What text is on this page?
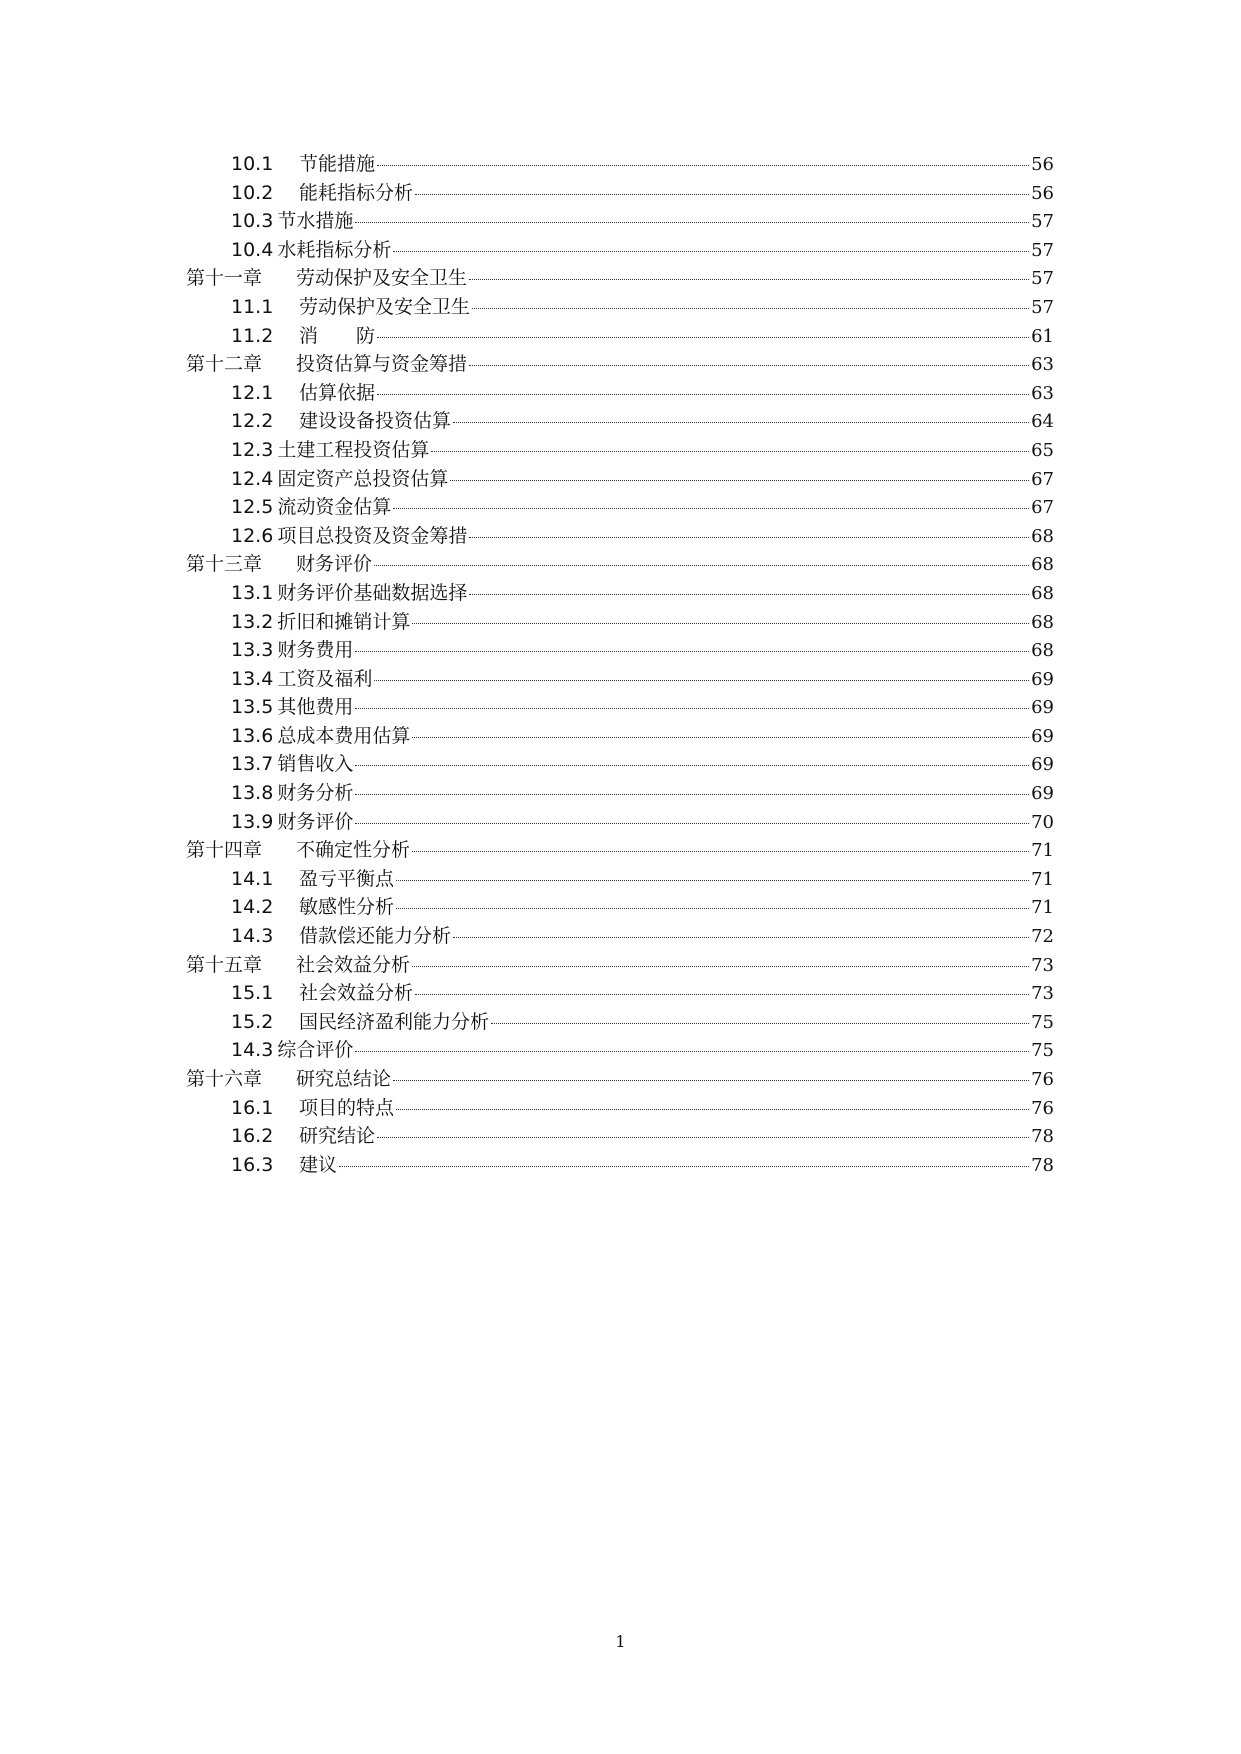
10.1	节能措施	56
10.2	能耗指标分析	56
10.3 节水措施	57
10.4 水耗指标分析	57
第十一章	劳动保护及安全卫生	57
11.1	劳动保护及安全卫生	57
11.2	消　　防	61
第十二章	投资估算与资金筹措	63
12.1	估算依据	63
12.2	建设设备投资估算	64
12.3 土建工程投资估算	65
12.4 固定资产总投资估算	67
12.5 流动资金估算	67
12.6 项目总投资及资金筹措	68
第十三章	财务评价	68
13.1 财务评价基础数据选择	68
13.2 折旧和摊销计算	68
13.3 财务费用	68
13.4 工资及福利	69
13.5 其他费用	69
13.6 总成本费用估算	69
13.7 销售收入	69
13.8 财务分析	69
13.9 财务评价	70
第十四章	不确定性分析	71
14.1	盈亏平衡点	71
14.2	敏感性分析	71
14.3	借款偿还能力分析	72
第十五章	社会效益分析	73
15.1	社会效益分析	73
15.2	国民经济盈利能力分析	75
14.3 综合评价	75
第十六章	研究总结论	76
16.1	项目的特点	76
16.2	研究结论	78
16.3	建议	78
1
